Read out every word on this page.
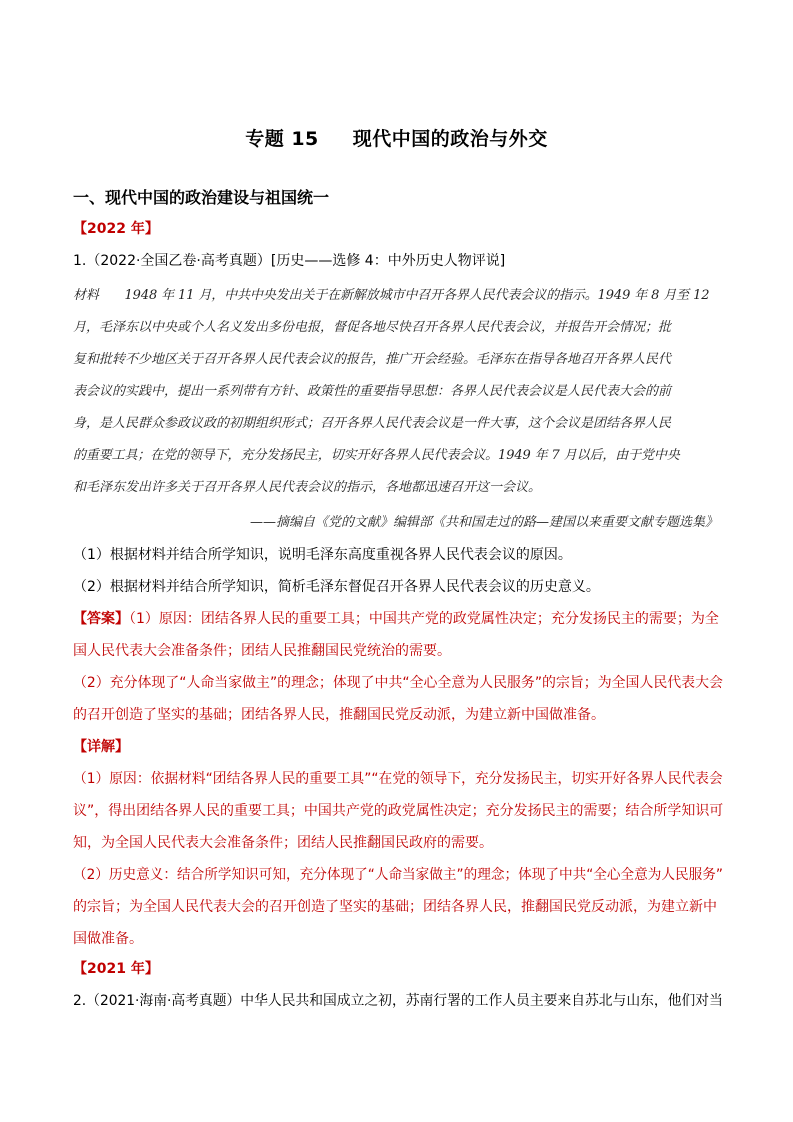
专题 15 现代中国的政治与外交
一、现代中国的政治建设与祖国统一
【2022 年】
1.（2022·全国乙卷·高考真题）[历史——选修 4：中外历史人物评说]
材料　　1948 年 11 月，中共中央发出关于在新解放城市中召开各界人民代表会议的指示。1949 年 8 月至 12
月，毛泽东以中央或个人名义发出多份电报，督促各地尽快召开各界人民代表会议，并报告开会情况；批
复和批转不少地区关于召开各界人民代表会议的报告，推广开会经验。毛泽东在指导各地召开各界人民代
表会议的实践中，提出一系列带有方针、政策性的重要指导思想：各界人民代表会议是人民代表大会的前
身，是人民群众参政议政的初期组织形式；召开各界人民代表会议是一件大事，这个会议是团结各界人民
的重要工具；在党的领导下，充分发扬民主，切实开好各界人民代表会议。1949 年 7 月以后，由于党中央
和毛泽东发出许多关于召开各界人民代表会议的指示，各地都迅速召开这一会议。
——摘编自《党的文献》编辑部《共和国走过的路—建国以来重要文献专题选集》
（1）根据材料并结合所学知识，说明毛泽东高度重视各界人民代表会议的原因。
（2）根据材料并结合所学知识，简析毛泽东督促召开各界人民代表会议的历史意义。
【答案】（1）原因：团结各界人民的重要工具；中国共产党的政党属性决定；充分发扬民主的需要；为全
国人民代表大会准备条件；团结人民推翻国民党统治的需要。
（2）充分体现了“人命当家做主”的理念；体现了中共“全心全意为人民服务”的宗旨；为全国人民代表大会
的召开创造了坚实的基础；团结各界人民，推翻国民党反动派，为建立新中国做准备。
【详解】
（1）原因：依据材料“团结各界人民的重要工具”“在党的领导下，充分发扬民主，切实开好各界人民代表会
议”，得出团结各界人民的重要工具；中国共产党的政党属性决定；充分发扬民主的需要；结合所学知识可
知，为全国人民代表大会准备条件；团结人民推翻国民政府的需要。
（2）历史意义：结合所学知识可知，充分体现了“人命当家做主”的理念；体现了中共“全心全意为人民服务”
的宗旨；为全国人民代表大会的召开创造了坚实的基础；团结各界人民，推翻国民党反动派，为建立新中
国做准备。
【2021 年】
2.（2021·海南·高考真题）中华人民共和国成立之初，苏南行署的工作人员主要来自苏北与山东，他们对当
